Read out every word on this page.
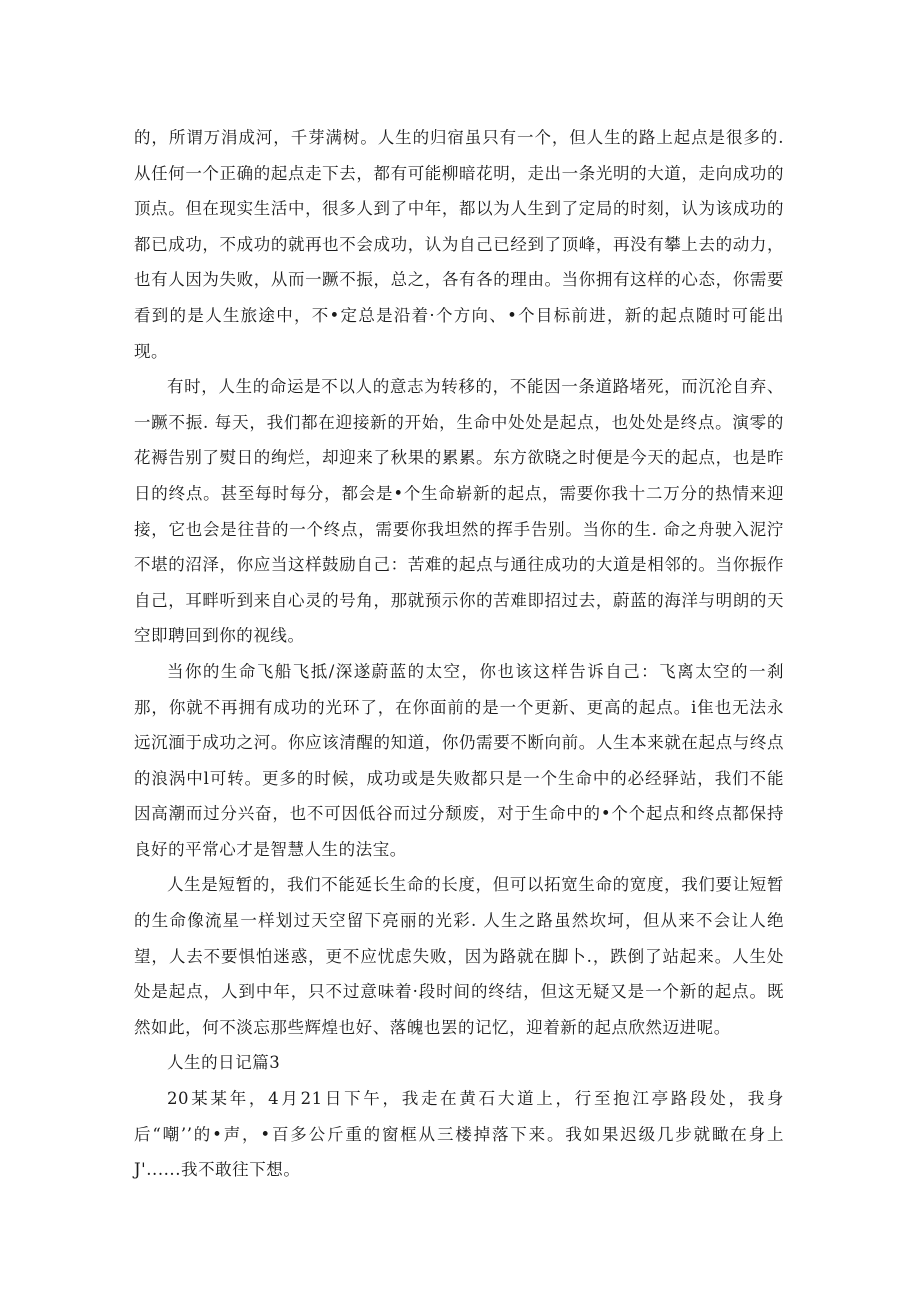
的，所谓万涓成河，千芽满树。人生的归宿虽只有一个，但人生的路上起点是很多的.从任何一个正确的起点走下去，都有可能柳暗花明，走出一条光明的大道，走向成功的顶点。但在现实生活中，很多人到了中年，都以为人生到了定局的时刻，认为该成功的都已成功，不成功的就再也不会成功，认为自己已经到了顶峰，再没有攀上去的动力，也有人因为失败，从而一蹶不振，总之，各有各的理由。当你拥有这样的心态，你需要看到的是人生旅途中，不•定总是沿着·个方向、•个目标前进，新的起点随时可能出现。

有时，人生的命运是不以人的意志为转移的，不能因一条道路堵死，而沉沦自弃、一蹶不振. 每天，我们都在迎接新的开始，生命中处处是起点，也处处是终点。演零的花褥告别了熨日的绚烂，却迎来了秋果的累累。东方欲晓之时便是今天的起点，也是昨日的终点。甚至每时每分，都会是•个生命崭新的起点，需要你我十二万分的热情来迎接，它也会是往昔的一个终点，需要你我坦然的挥手告别。当你的生. 命之舟驶入泥泞不堪的沼泽，你应当这样鼓励自己：苦难的起点与通往成功的大道是相邻的。当你振作自己，耳畔听到来自心灵的号角，那就预示你的苦难即招过去，蔚蓝的海洋与明朗的天空即聘回到你的视线。

当你的生命飞船飞抵/深遂蔚蓝的太空，你也该这样告诉自己：飞离太空的一刹那，你就不再拥有成功的光环了，在你面前的是一个更新、更高的起点。i隹也无法永远沉湎于成功之河。你应该清醒的知道，你仍需要不断向前。人生本来就在起点与终点的浪涡中l可转。更多的时候，成功或是失败都只是一个生命中的必经驿站，我们不能因高潮而过分兴奋，也不可因低谷而过分颓废，对于生命中的•个个起点和终点都保持良好的平常心才是智慧人生的法宝。

人生是短暂的，我们不能延长生命的长度，但可以拓宽生命的宽度，我们要让短暂的生命像流星一样划过天空留下亮丽的光彩. 人生之路虽然坎坷，但从来不会让人绝望，人去不要惧怕迷惑，更不应忧虑失败，因为路就在脚卜.，跌倒了站起来。人生处处是起点，人到中年，只不过意味着·段时间的终结，但这无疑又是一个新的起点。既然如此，何不淡忘那些辉煌也好、落魄也罢的记忆，迎着新的起点欣然迈进呢。

人生的日记篇3

20某某年，4月21日下午，我走在黄石大道上，行至抱江亭路段处，我身后“嘲’’的•声，•百多公斤重的窗框从三楼掉落下来。我如果迟级几步就瞰在身上J'......我不敢往下想。
